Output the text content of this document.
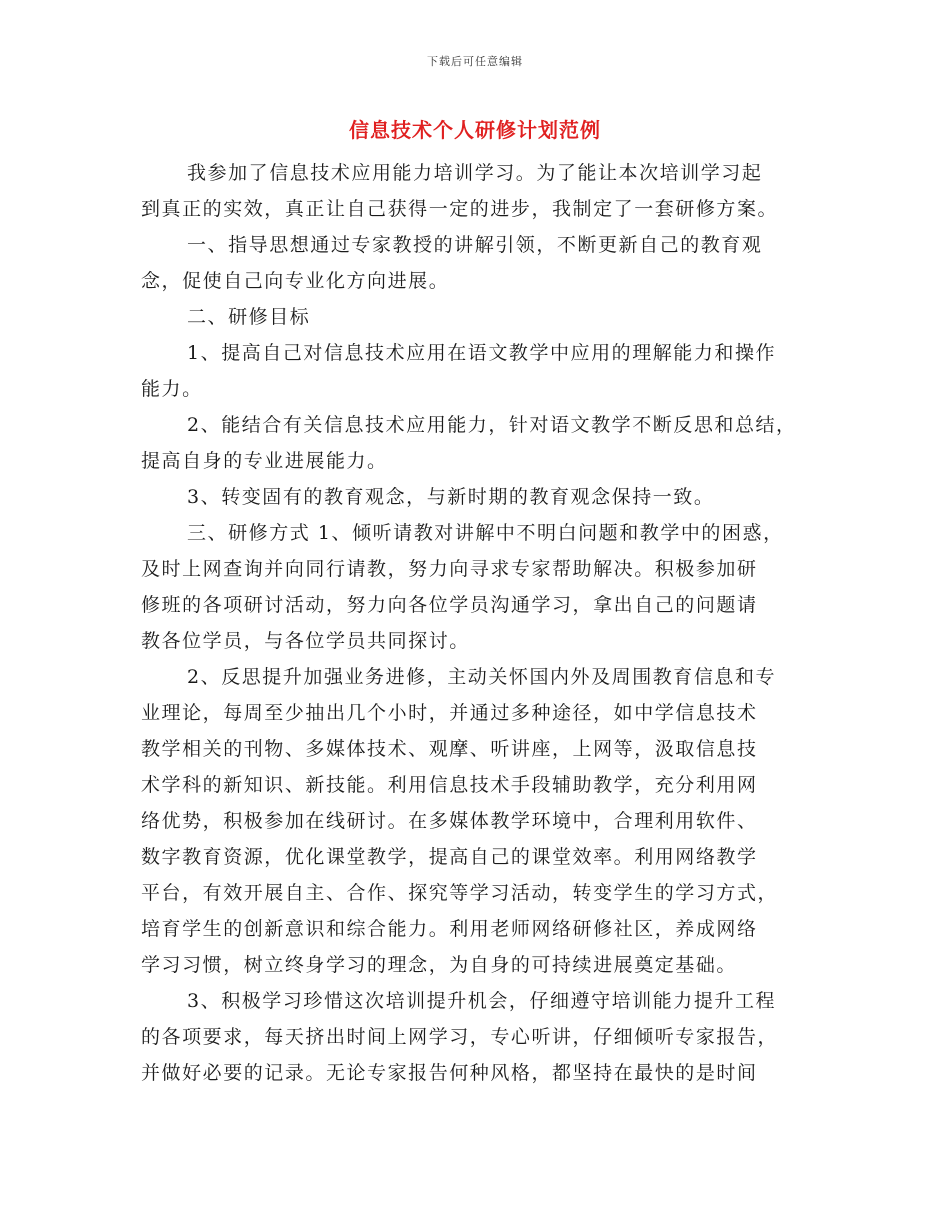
下载后可任意编辑
信息技术个人研修计划范例
我参加了信息技术应用能力培训学习。为了能让本次培训学习起
到真正的实效，真正让自己获得一定的进步，我制定了一套研修方案。
一、指导思想通过专家教授的讲解引领，不断更新自己的教育观
念，促使自己向专业化方向进展。
二、研修目标
1、提高自己对信息技术应用在语文教学中应用的理解能力和操作
能力。
2、能结合有关信息技术应用能力，针对语文教学不断反思和总结，
提高自身的专业进展能力。
3、转变固有的教育观念，与新时期的教育观念保持一致。
三、研修方式 1、倾听请教对讲解中不明白问题和教学中的困惑，
及时上网查询并向同行请教，努力向寻求专家帮助解决。积极参加研
修班的各项研讨活动，努力向各位学员沟通学习，拿出自己的问题请
教各位学员，与各位学员共同探讨。
2、反思提升加强业务进修，主动关怀国内外及周围教育信息和专
业理论，每周至少抽出几个小时，并通过多种途径，如中学信息技术
教学相关的刊物、多媒体技术、观摩、听讲座，上网等，汲取信息技
术学科的新知识、新技能。利用信息技术手段辅助教学，充分利用网
络优势，积极参加在线研讨。在多媒体教学环境中，合理利用软件、
数字教育资源，优化课堂教学，提高自己的课堂效率。利用网络教学
平台，有效开展自主、合作、探究等学习活动，转变学生的学习方式，
培育学生的创新意识和综合能力。利用老师网络研修社区，养成网络
学习习惯，树立终身学习的理念，为自身的可持续进展奠定基础。
3、积极学习珍惜这次培训提升机会，仔细遵守培训能力提升工程
的各项要求，每天挤出时间上网学习，专心听讲，仔细倾听专家报告，
并做好必要的记录。无论专家报告何种风格，都坚持在最快的是时间
